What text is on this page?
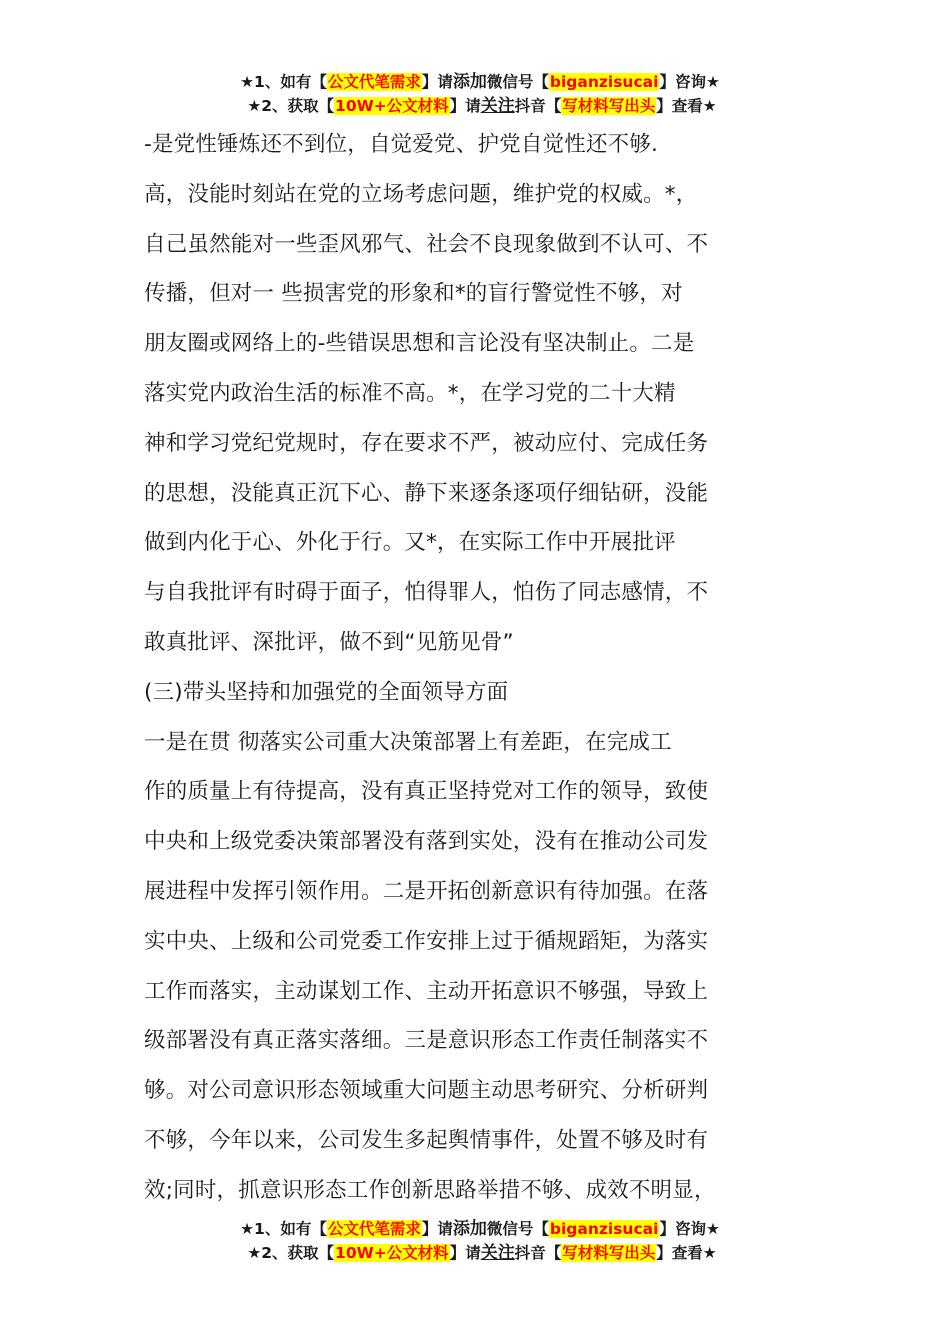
★1、如有【公文代笔需求】请添加微信号【biganzisucai】咨询★
★2、获取【10W+公文材料】请关注抖音【写材料写出头】查看★
-是党性锤炼还不到位，自觉爱党、护党自觉性还不够.
高，没能时刻站在党的立场考虑问题，维护党的权威。*，
自己虽然能对一些歪风邪气、社会不良现象做到不认可、不
传播，但对一 些损害党的形象和*的盲行警觉性不够，对
朋友圈或网络上的-些错误思想和言论没有坚决制止。二是
落实党内政治生活的标准不高。*，在学习党的二十大精
神和学习党纪党规时，存在要求不严，被动应付、完成任务
的思想，没能真正沉下心、静下来逐条逐项仔细钻研，没能
做到内化于心、外化于行。又*，在实际工作中开展批评
与自我批评有时碍于面子，怕得罪人，怕伤了同志感情，不
敢真批评、深批评，做不到“见筋见骨”
(三)带头坚持和加强党的全面领导方面
一是在贯 彻落实公司重大决策部署上有差距，在完成工
作的质量上有待提高，没有真正坚持党对工作的领导，致使
中央和上级党委决策部署没有落到实处，没有在推动公司发
展进程中发挥引领作用。二是开拓创新意识有待加强。在落
实中央、上级和公司党委工作安排上过于循规蹈矩，为落实
工作而落实，主动谋划工作、主动开拓意识不够强，导致上
级部署没有真正落实落细。三是意识形态工作责任制落实不
够。对公司意识形态领域重大问题主动思考研究、分析研判
不够，今年以来，公司发生多起舆情事件，处置不够及时有
效;同时，抓意识形态工作创新思路举措不够、成效不明显，
★1、如有【公文代笔需求】请添加微信号【biganzisucai】咨询★
★2、获取【10W+公文材料】请关注抖音【写材料写出头】查看★
